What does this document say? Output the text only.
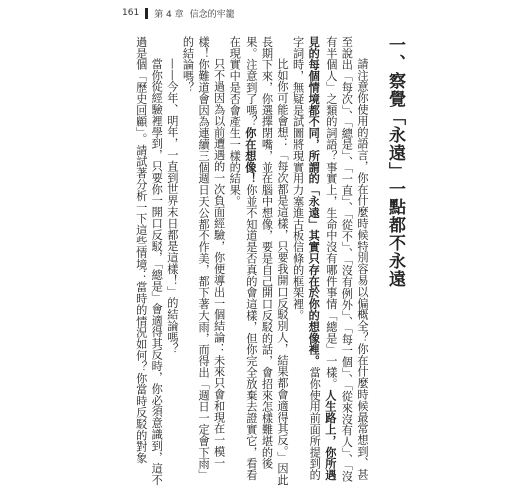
161 第 4 章 信念的牢籠
一、察覺「永遠」一點都不永遠

請注意你使用的語言，你在什麼時候特別容易以偏概全？你在什麼時候最常想到、甚至說出「每次」、「總是」、「一直」、「從不」、「沒有例外」、「每一個」、「從來沒有人」、「沒有半個人」之類的詞語？事實上，生命中沒有哪件事情「總是」一樣。人生路上，你所遇見的每個情境都不同，所謂的「永遠」其實只存在於你的想像裡。當你使用前面所提到的字詞時，無疑是試圖將現實用力塞進古板信條的框架裡。

比如你可能會想：「每次都是這樣，只要我開口反駁別人，結果都會適得其反。」因此長期下來，你選擇閉嘴，並在腦中想像，要是自己開口反駁的話，會招來怎樣難堪的後果。注意到了嗎？你在想像！你並不知道是否真的會這樣，但你完全放棄去證實它，看看在現實中是否會產生一樣的結果。

只不過因為以前遭遇的一次負面經驗，你便導出一個結論：未來只會和現在一模一樣！你難道會因為連續三個週日天公都不作美，都下著大雨，而得出「週日一定會下雨」的結論嗎？

——今年、明年，一直到世界末日都是這樣！」的結論嗎？

當你從經驗裡學到，只要你一開口反駁，「總是」會適得其反時，你必須意識到，這不過是個「歷史回顧」。請試著分析一下這些情境：當時的情況如何？你當時反駁的對象
